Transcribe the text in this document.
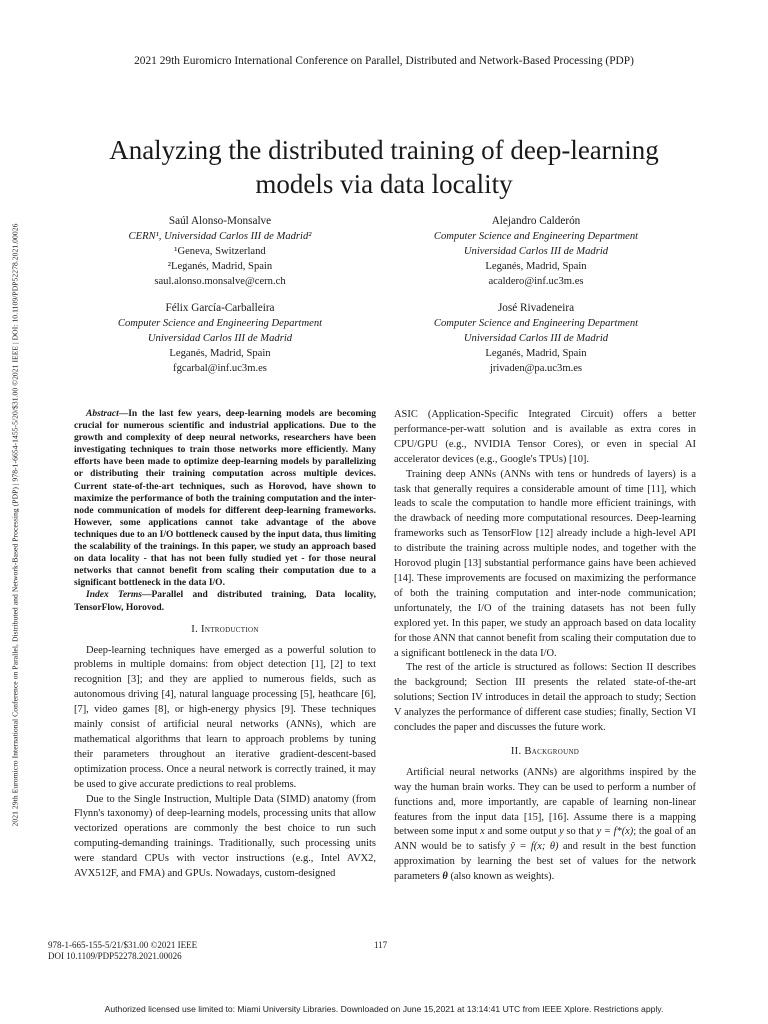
2021 29th Euromicro International Conference on Parallel, Distributed and Network-Based Processing (PDP)
2021 29th Euromicro International Conference on Parallel, Distributed and Network-Based Processing (PDP) | 978-1-6654-1455-5/20/$31.00 ©2021 IEEE | DOI: 10.1109/PDP52278.2021.00026
Analyzing the distributed training of deep-learning
models via data locality
Saúl Alonso-Monsalve
CERN¹, Universidad Carlos III de Madrid²
¹Geneva, Switzerland
²Leganés, Madrid, Spain
saul.alonso.monsalve@cern.ch
Alejandro Calderón
Computer Science and Engineering Department
Universidad Carlos III de Madrid
Leganés, Madrid, Spain
acaldero@inf.uc3m.es
Félix García-Carballeira
Computer Science and Engineering Department
Universidad Carlos III de Madrid
Leganés, Madrid, Spain
fgcarbal@inf.uc3m.es
José Rivadeneira
Computer Science and Engineering Department
Universidad Carlos III de Madrid
Leganés, Madrid, Spain
jrivaden@pa.uc3m.es

Abstract—In the last few years, deep-learning models are becoming crucial for numerous scientific and industrial applications. Due to the growth and complexity of deep neural networks, researchers have been investigating techniques to train those networks more efficiently. Many efforts have been made to optimize deep-learning models by parallelizing or distributing their training computation across multiple devices. Current state-of-the-art techniques, such as Horovod, have shown to maximize the performance of both the training computation and the inter-node communication of models for different deep-learning frameworks. However, some applications cannot take advantage of the above techniques due to an I/O bottleneck caused by the input data, thus limiting the scalability of the trainings. In this paper, we study an approach based on data locality - that has not been fully studied yet - for those neural networks that cannot benefit from scaling their computation due to a significant bottleneck in the data I/O.

Index Terms—Parallel and distributed training, Data locality, TensorFlow, Horovod.

I. Introduction

Deep-learning techniques have emerged as a powerful solution to problems in multiple domains: from object detection [1], [2] to text recognition [3]; and they are applied to numerous fields, such as autonomous driving [4], natural language processing [5], heathcare [6], [7], video games [8], or high-energy physics [9]. These techniques mainly consist of artificial neural networks (ANNs), which are mathematical algorithms that learn to approach problems by tuning their parameters throughout an iterative gradient-descent-based optimization process. Once a neural network is correctly trained, it may be used to give accurate predictions to real problems.

Due to the Single Instruction, Multiple Data (SIMD) anatomy (from Flynn's taxonomy) of deep-learning models, processing units that allow vectorized operations are commonly the best choice to run such computing-demanding trainings. Traditionally, such processing units were standard CPUs with vector instructions (e.g., Intel AVX2, AVX512F, and FMA) and GPUs. Nowadays, custom-designed

ASIC (Application-Specific Integrated Circuit) offers a better performance-per-watt solution and is available as extra cores in CPU/GPU (e.g., NVIDIA Tensor Cores), or even in special AI accelerator devices (e.g., Google's TPUs) [10].

Training deep ANNs (ANNs with tens or hundreds of layers) is a task that generally requires a considerable amount of time [11], which leads to scale the computation to handle more efficient trainings, with the drawback of needing more computational resources. Deep-learning frameworks such as TensorFlow [12] already include a high-level API to distribute the training across multiple nodes, and together with the Horovod plugin [13] substantial performance gains have been achieved [14]. These improvements are focused on maximizing the performance of both the training computation and inter-node communication; unfortunately, the I/O of the training datasets has not been fully explored yet. In this paper, we study an approach based on data locality for those ANN that cannot benefit from scaling their computation due to a significant bottleneck in the data I/O.

The rest of the article is structured as follows: Section II describes the background; Section III presents the related state-of-the-art solutions; Section IV introduces in detail the approach to study; Section V analyzes the performance of different case studies; finally, Section VI concludes the paper and discusses the future work.

II. Background

Artificial neural networks (ANNs) are algorithms inspired by the way the human brain works. They can be used to perform a number of functions and, more importantly, are capable of learning non-linear features from the input data [15], [16]. Assume there is a mapping between some input x and some output y so that y = f*(x); the goal of an ANN would be to satisfy ŷ = f(x; θ) and result in the best function approximation by learning the best set of values for the network parameters θ (also known as weights).

978-1-665-155-5/21/$31.00 ©2021 IEEE
DOI 10.1109/PDP52278.2021.00026
117
Authorized licensed use limited to: Miami University Libraries. Downloaded on June 15,2021 at 13:14:41 UTC from IEEE Xplore. Restrictions apply.
